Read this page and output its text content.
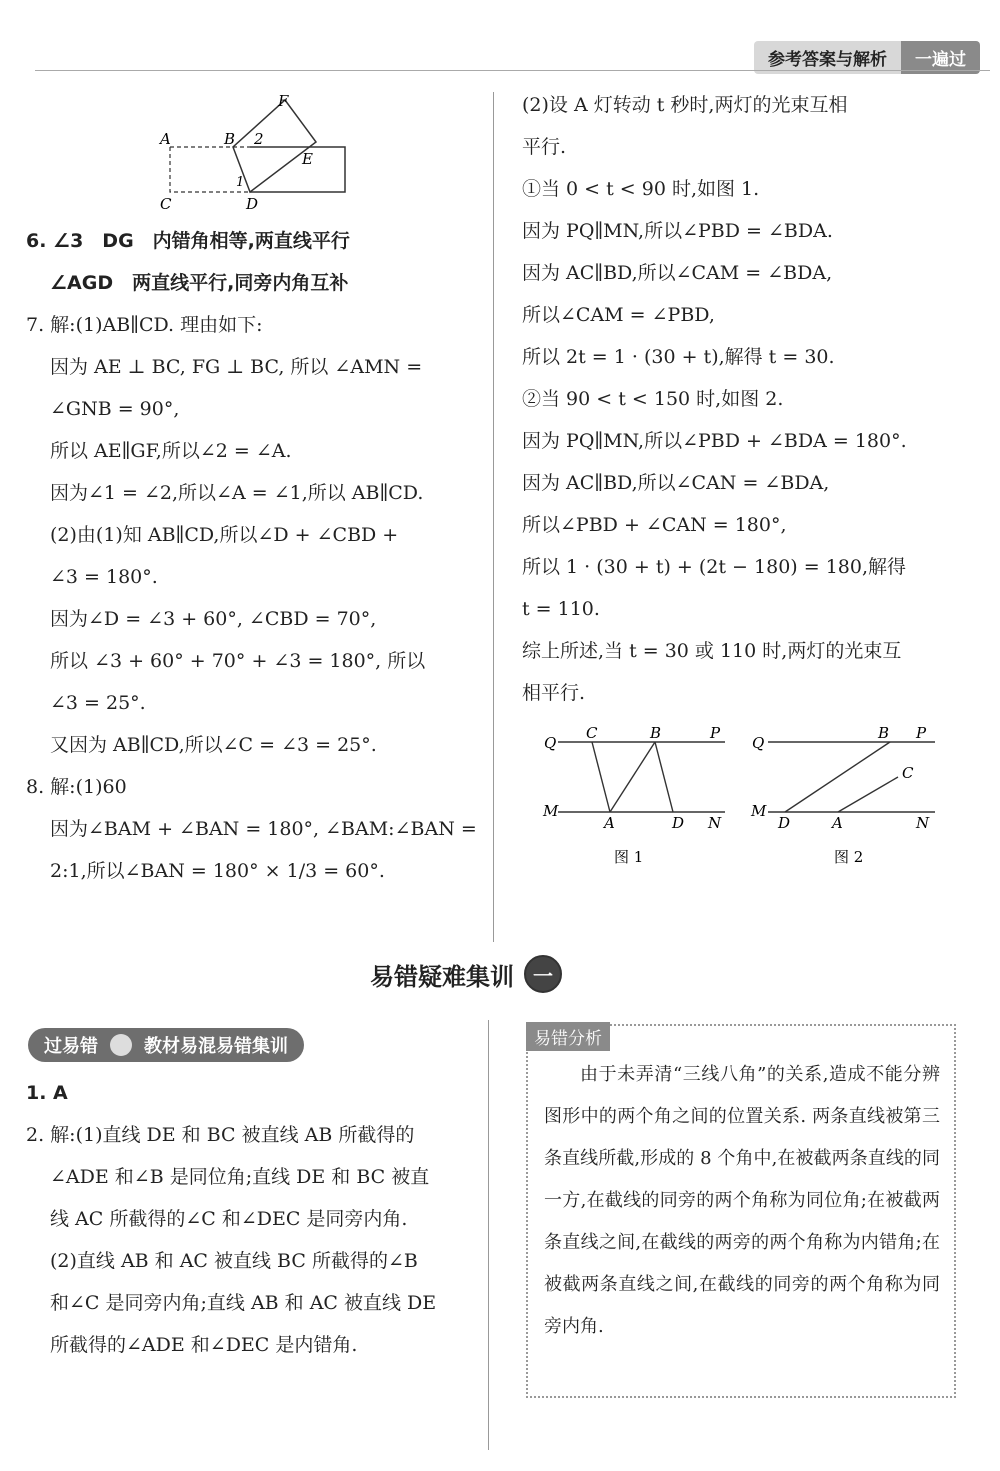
参考答案与解析	一遍过
A	B 2
F
E
1
C	D
6. ∠3　DG　内错角相等,两直线平行
∠AGD　两直线平行,同旁内角互补
7. 解:(1)AB∥CD. 理由如下:
因为 AE ⊥ BC, FG ⊥ BC, 所以 ∠AMN =
∠GNB = 90°,
所以 AE∥GF,所以∠2 = ∠A.
因为∠1 = ∠2,所以∠A = ∠1,所以 AB∥CD.
(2)由(1)知 AB∥CD,所以∠D + ∠CBD +
∠3 = 180°.
因为∠D = ∠3 + 60°, ∠CBD = 70°,
所以 ∠3 + 60° + 70° + ∠3 = 180°, 所以
∠3 = 25°.
又因为 AB∥CD,所以∠C = ∠3 = 25°.
8. 解:(1)60
因为∠BAM + ∠BAN = 180°, ∠BAM:∠BAN =
2:1,所以∠BAN = 180° × 1/3 = 60°.
(2)设 A 灯转动 t 秒时,两灯的光束互相
平行.
①当 0 < t < 90 时,如图 1.
因为 PQ∥MN,所以∠PBD = ∠BDA.
因为 AC∥BD,所以∠CAM = ∠BDA,
所以∠CAM = ∠PBD,
所以 2t = 1 · (30 + t),解得 t = 30.
②当 90 < t < 150 时,如图 2.
因为 PQ∥MN,所以∠PBD + ∠BDA = 180°.
因为 AC∥BD,所以∠CAN = ∠BDA,
所以∠PBD + ∠CAN = 180°,
所以 1 · (30 + t) + (2t − 180) = 180,解得
t = 110.
综上所述,当 t = 30 或 110 时,两灯的光束互
相平行.
Q
C	B	P
M
A	D N
图 1
Q
B P
C
M
D	A	N
图 2
易错疑难集训 一
过易错	教材易混易错集训
1. A
2. 解:(1)直线 DE 和 BC 被直线 AB 所截得的
∠ADE 和∠B 是同位角;直线 DE 和 BC 被直
线 AC 所截得的∠C 和∠DEC 是同旁内角.
(2)直线 AB 和 AC 被直线 BC 所截得的∠B
和∠C 是同旁内角;直线 AB 和 AC 被直线 DE
所截得的∠ADE 和∠DEC 是内错角.
易错分析
由于未弄清“三线八角”的关系,造成不能分辨图形中的两个角之间的位置关系. 两条直线被第三条直线所截,形成的 8 个角中,在被截两条直线的同一方,在截线的同旁的两个角称为同位角;在被截两条直线之间,在截线的两旁的两个角称为内错角;在被截两条直线之间,在截线的同旁的两个角称为同旁内角.
